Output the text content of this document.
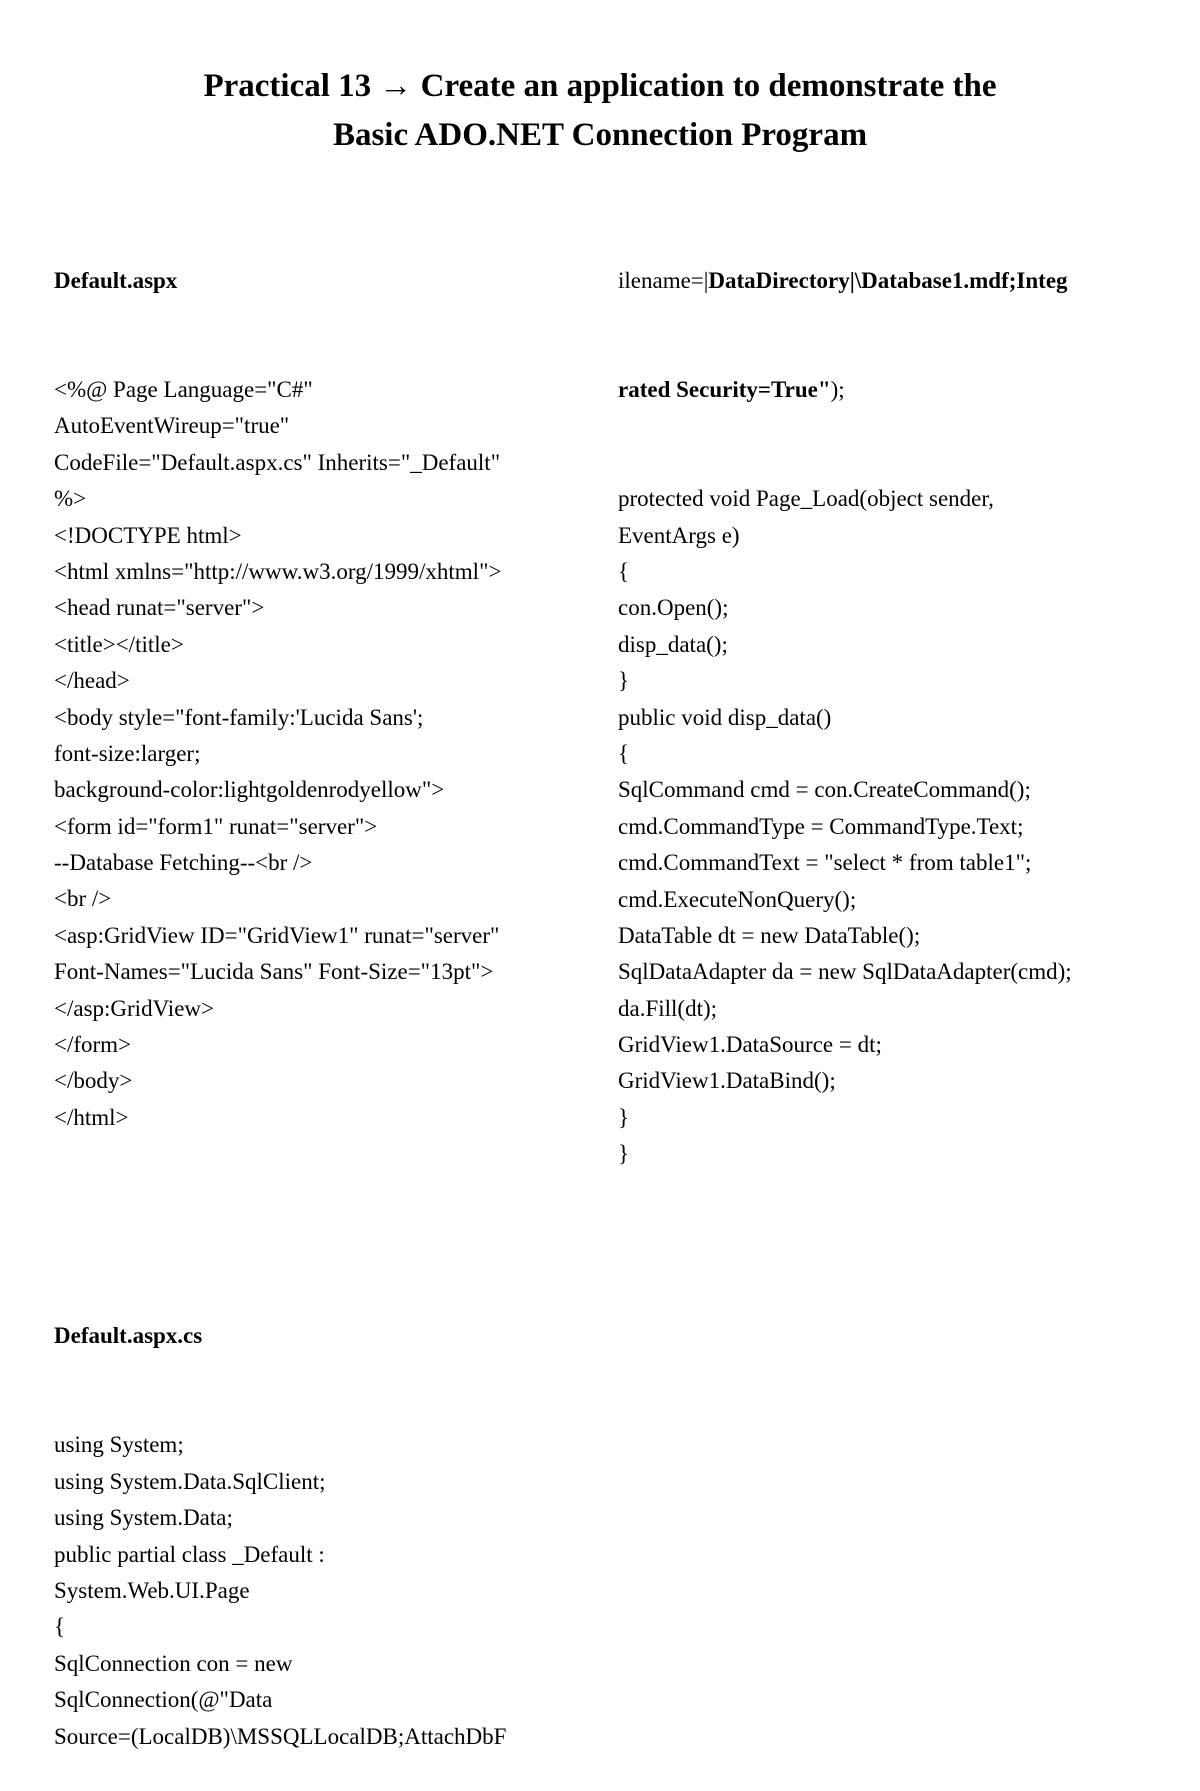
Practical 13 → Create an application to demonstrate the
Basic ADO.NET Connection Program

Default.aspx

<%@ Page Language="C#"
AutoEventWireup="true"
CodeFile="Default.aspx.cs" Inherits="_Default"
%>
<!DOCTYPE html>
<html xmlns="http://www.w3.org/1999/xhtml">
<head runat="server">
<title></title>
</head>
<body style="font-family:'Lucida Sans';
font-size:larger;
background-color:lightgoldenrodyellow">
<form id="form1" runat="server">
--Database Fetching--<br />
<br />
<asp:GridView ID="GridView1" runat="server"
Font-Names="Lucida Sans" Font-Size="13pt">
</asp:GridView>
</form>
</body>
</html>

Default.aspx.cs

using System;
using System.Data.SqlClient;
using System.Data;
public partial class _Default :
System.Web.UI.Page
{
SqlConnection con = new
SqlConnection(@"Data
Source=(LocalDB)\MSSQLLocalDB;AttachDbF

ilename=|DataDirectory|\Database1.mdf;Integ

rated Security=True");

protected void Page_Load(object sender,
EventArgs e)
{
con.Open();
disp_data();
}
public void disp_data()
{
SqlCommand cmd = con.CreateCommand();
cmd.CommandType = CommandType.Text;
cmd.CommandText = "select * from table1";
cmd.ExecuteNonQuery();
DataTable dt = new DataTable();
SqlDataAdapter da = new SqlDataAdapter(cmd);
da.Fill(dt);
GridView1.DataSource = dt;
GridView1.DataBind();
}
}
